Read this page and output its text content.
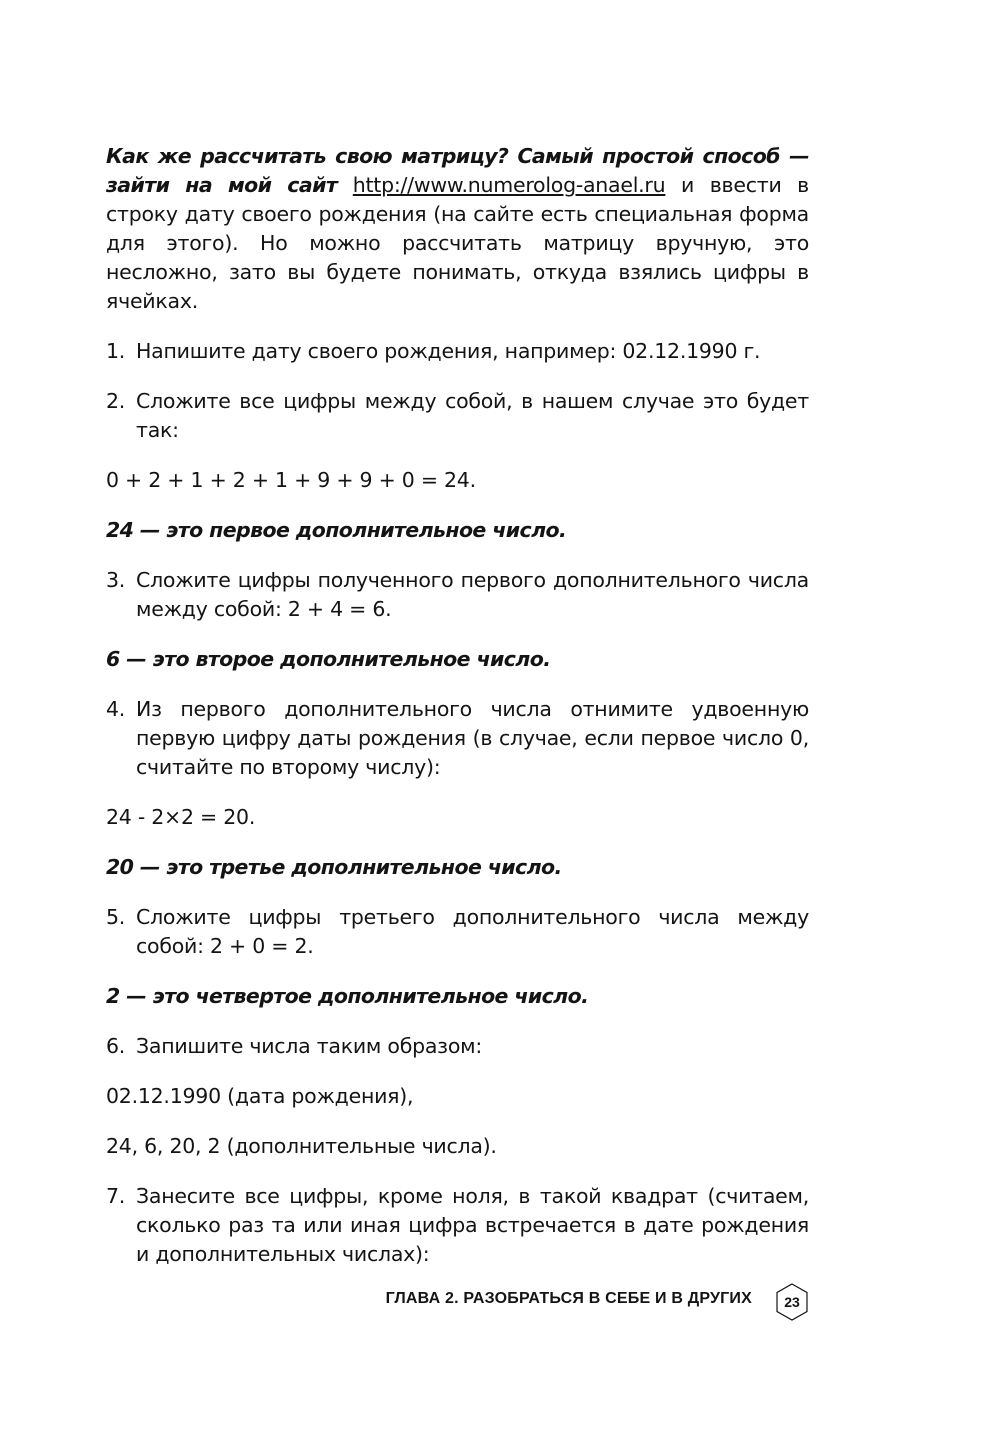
Как же рассчитать свою матрицу? Самый простой способ — зайти на мой сайт http://www.numerolog-anael.ru и ввести в строку дату своего рождения (на сайте есть специальная форма для этого). Но можно рассчитать матрицу вручную, это несложно, зато вы будете понимать, откуда взялись цифры в ячейках.

1. Напишите дату своего рождения, например: 02.12.1990 г.
2. Сложите все цифры между собой, в нашем случае это будет так:

0 + 2 + 1 + 2 + 1 + 9 + 9 + 0 = 24.

24 — это первое дополнительное число.

3. Сложите цифры полученного первого дополнительного числа между собой: 2 + 4 = 6.

6 — это второе дополнительное число.

4. Из первого дополнительного числа отнимите удвоенную первую цифру даты рождения (в случае, если первое число 0, считайте по второму числу):

24 - 2×2 = 20.

20 — это третье дополнительное число.

5. Сложите цифры третьего дополнительного числа между собой: 2 + 0 = 2.

2 — это четвертое дополнительное число.

6. Запишите числа таким образом:

02.12.1990 (дата рождения),

24, 6, 20, 2 (дополнительные числа).

7. Занесите все цифры, кроме ноля, в такой квадрат (считаем, сколько раз та или иная цифра встречается в дате рождения и дополнительных числах):
ГЛАВА 2. РАЗОБРАТЬСЯ В СЕБЕ И В ДРУГИХ	23
